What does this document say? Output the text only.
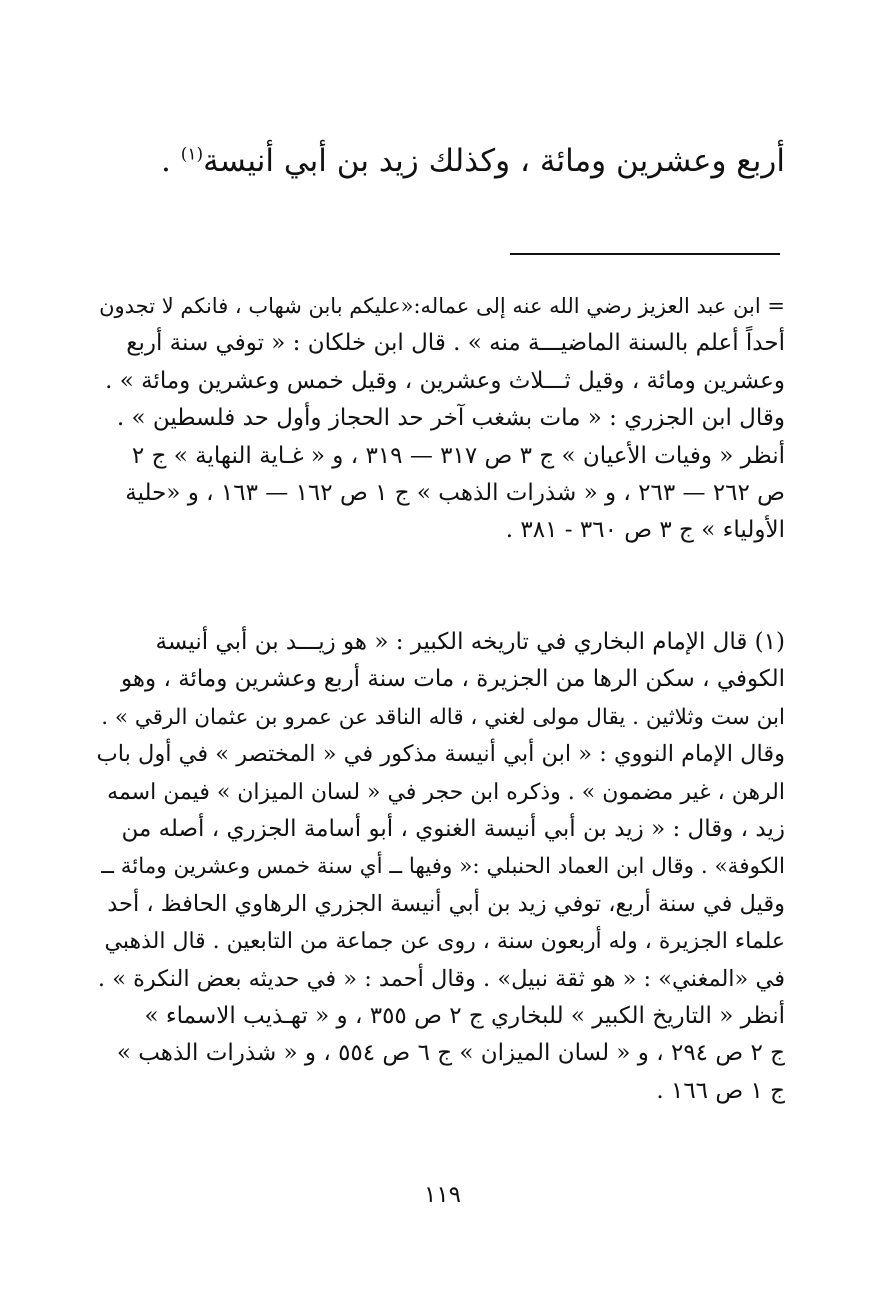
أربع وعشرين ومائة ، وكذلك زيد بن أبي أنيسة$^{(١)}$ .
= ابن عبد العزيز رضي الله عنه إلى عماله:«عليكم بابن شهاب ، فانكم لا تجدون
أحداً أعلم بالسنة الماضيـــة منه » . قال ابن خلكان : « توفي سنة أربع
وعشرين ومائة ، وقيل ثـــلاث وعشرين ، وقيل خمس وعشرين ومائة » .
وقال ابن الجزري : « مات بشغب آخر حد الحجاز وأول حد فلسطين » .
أنظر « وفيات الأعيان » ج ٣ ص ٣١٧ — ٣١٩ ، و « غـاية النهاية » ج ٢
ص ٢٦٢ — ٢٦٣ ، و « شذرات الذهب » ج ١ ص ١٦٢ — ١٦٣ ، و «حلية
الأولياء » ج ٣ ص ٣٦٠ - ٣٨١ .
(١) قال الإمام البخاري في تاريخه الكبير : « هو زيـــد بن أبي أنيسة
الكوفي ، سكن الرها من الجزيرة ، مات سنة أربع وعشرين ومائة ، وهو
ابن ست وثلاثين . يقال مولى لغني ، قاله الناقد عن عمرو بن عثمان الرقي » .
وقال الإمام النووي : « ابن أبي أنيسة مذكور في « المختصر » في أول باب
الرهن ، غير مضمون » . وذكره ابن حجر في « لسان الميزان » فيمن اسمه
زيد ، وقال : « زيد بن أبي أنيسة الغنوي ، أبو أسامة الجزري ، أصله من
الكوفة» . وقال ابن العماد الحنبلي :« وفيها ــ أي سنة خمس وعشرين ومائة ــ
وقيل في سنة أربع، توفي زيد بن أبي أنيسة الجزري الرهاوي الحافظ ، أحد
علماء الجزيرة ، وله أربعون سنة ، روى عن جماعة من التابعين . قال الذهبي
في «المغني» : « هو ثقة نبيل» . وقال أحمد : « في حديثه بعض النكرة » .
أنظر « التاريخ الكبير » للبخاري ج ٢ ص ٣٥٥ ، و « تهـذيب الاسماء »
ج ٢ ص ٢٩٤ ، و « لسان الميزان » ج ٦ ص ٥٥٤ ، و « شذرات الذهب »
ج ١ ص ١٦٦ .
١١٩
